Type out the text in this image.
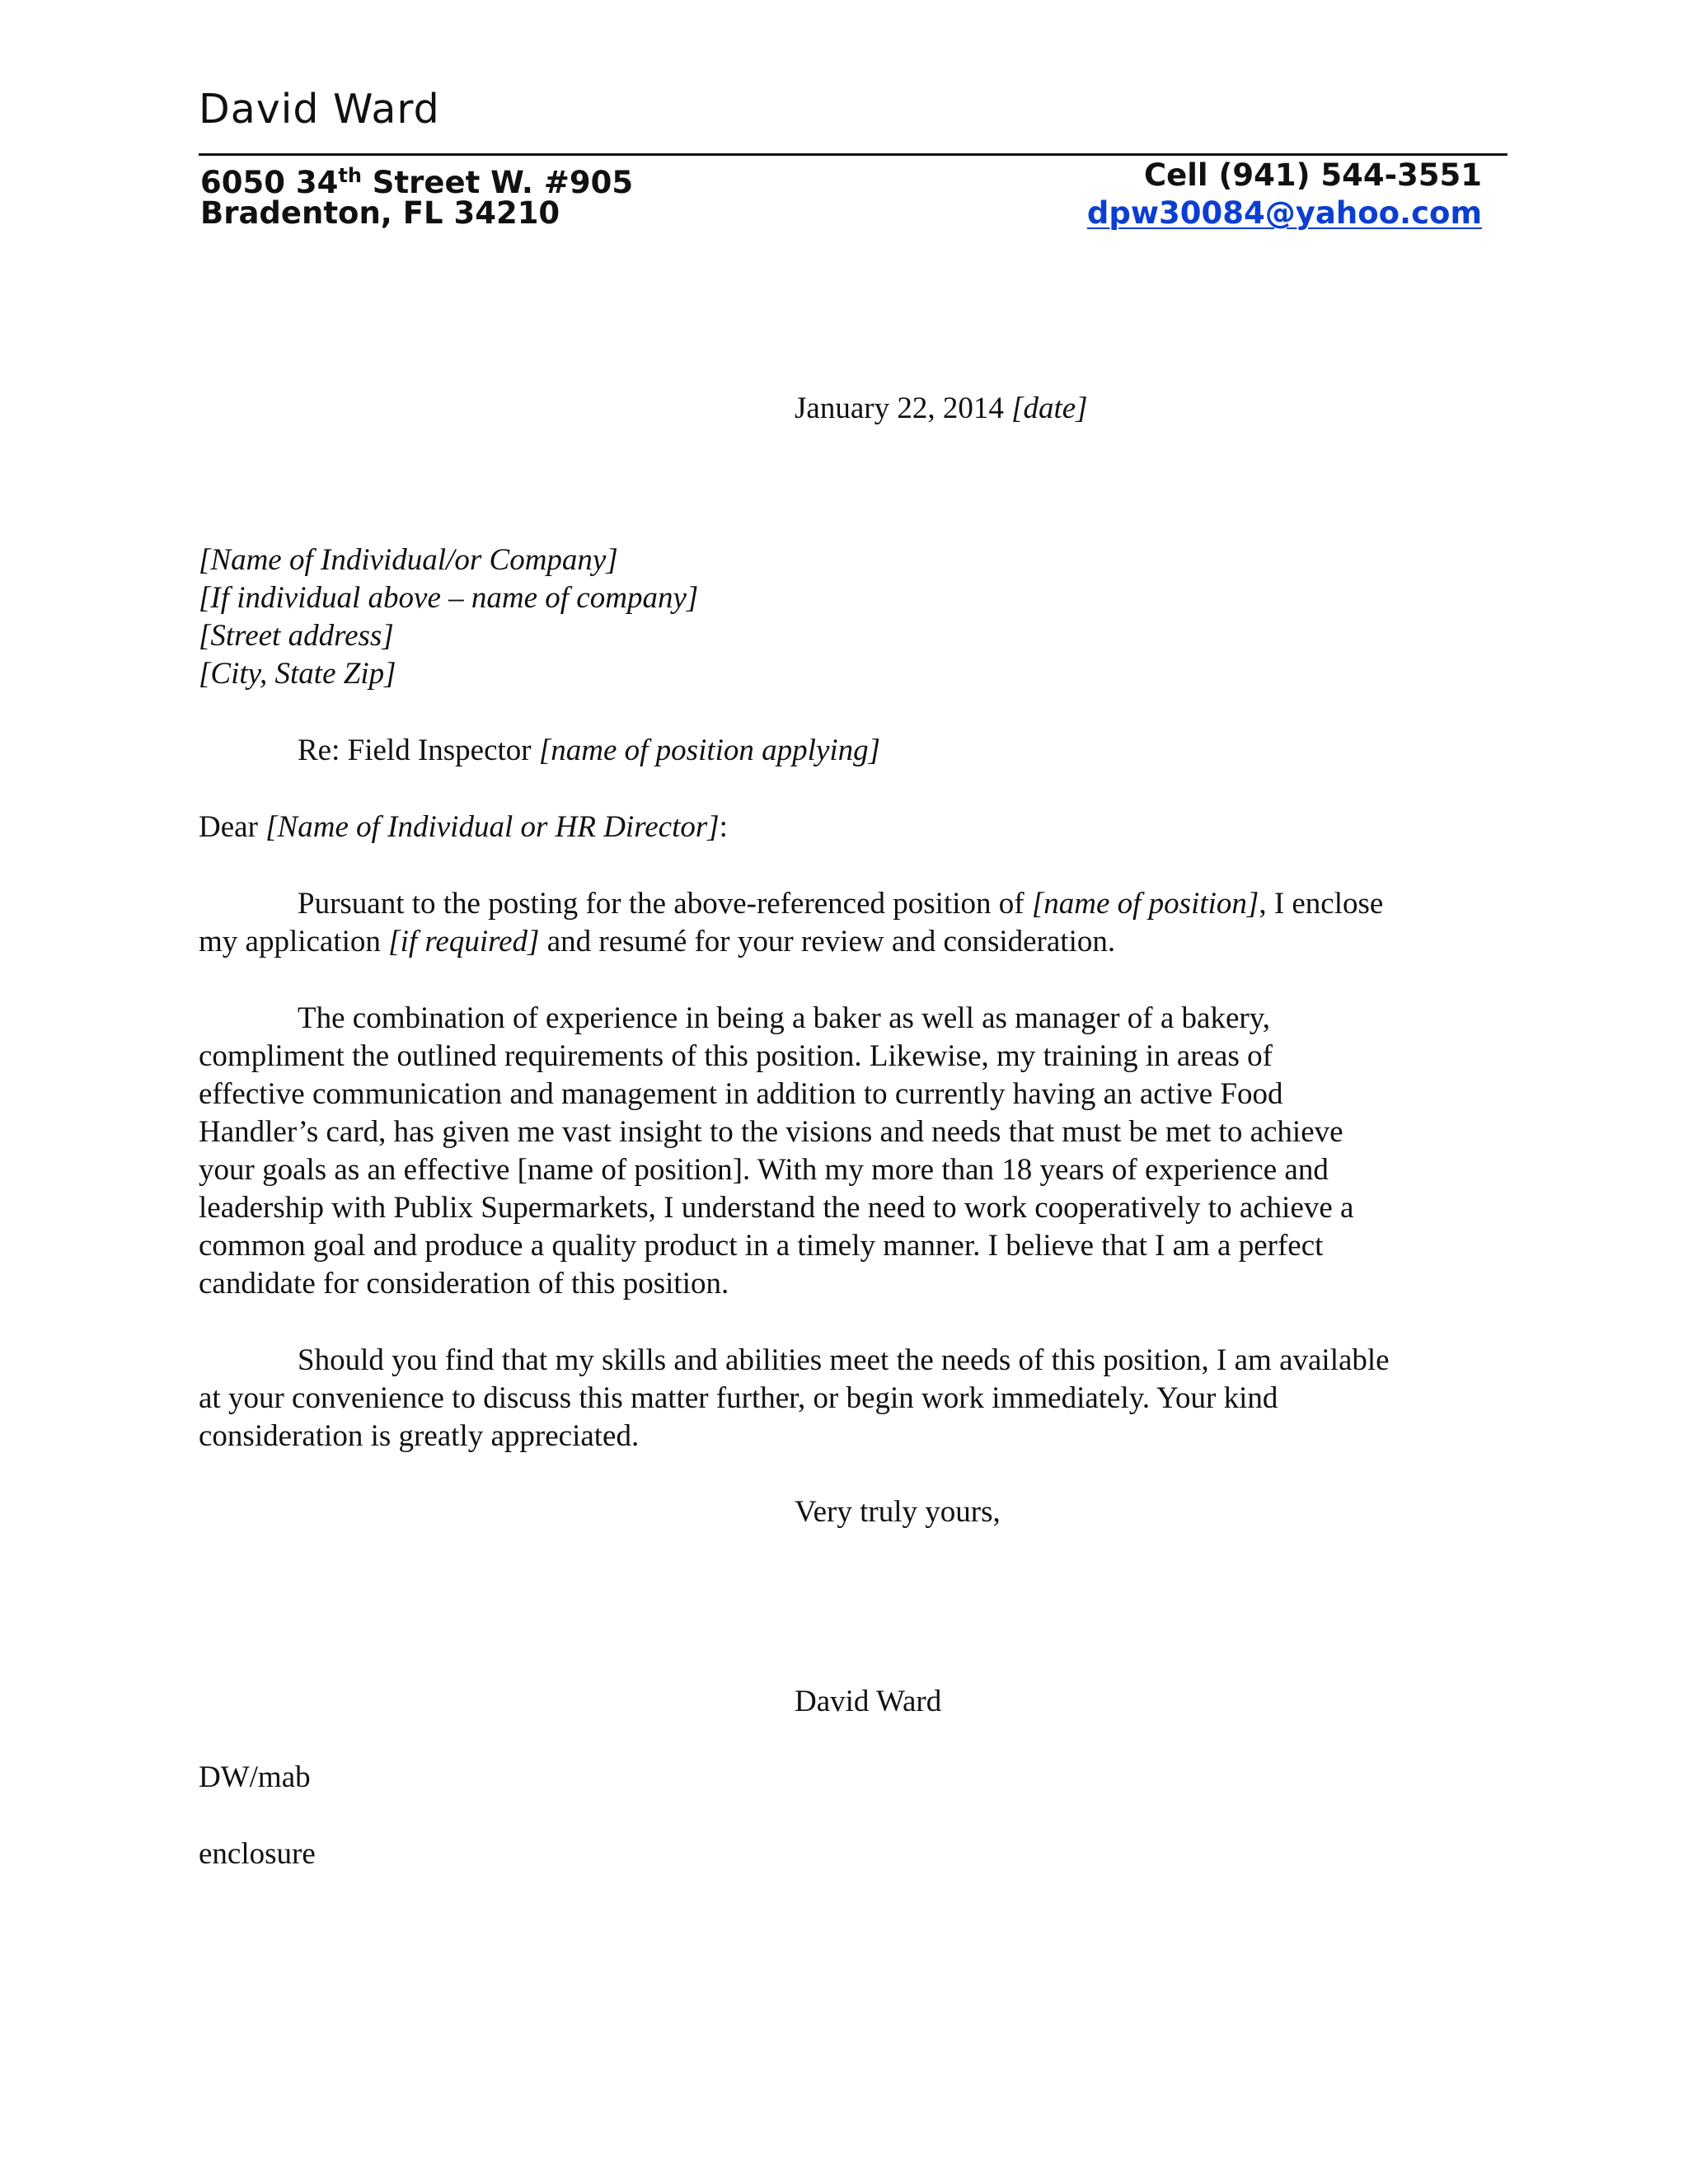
David Ward
6050 34th Street W. #905
Bradenton, FL 34210
Cell (941) 544-3551
dpw30084@yahoo.com
January 22, 2014 [date]
[Name of Individual/or Company]
[If individual above – name of company]
[Street address]
[City, State Zip]
Re: Field Inspector [name of position applying]
Dear [Name of Individual or HR Director]:
Pursuant to the posting for the above-referenced position of [name of position], I enclose
my application [if required] and resumé for your review and consideration.
The combination of experience in being a baker as well as manager of a bakery,
compliment the outlined requirements of this position. Likewise, my training in areas of
effective communication and management in addition to currently having an active Food
Handler’s card, has given me vast insight to the visions and needs that must be met to achieve
your goals as an effective [name of position]. With my more than 18 years of experience and
leadership with Publix Supermarkets, I understand the need to work cooperatively to achieve a
common goal and produce a quality product in a timely manner. I believe that I am a perfect
candidate for consideration of this position.
Should you find that my skills and abilities meet the needs of this position, I am available
at your convenience to discuss this matter further, or begin work immediately. Your kind
consideration is greatly appreciated.
Very truly yours,
David Ward
DW/mab
enclosure
